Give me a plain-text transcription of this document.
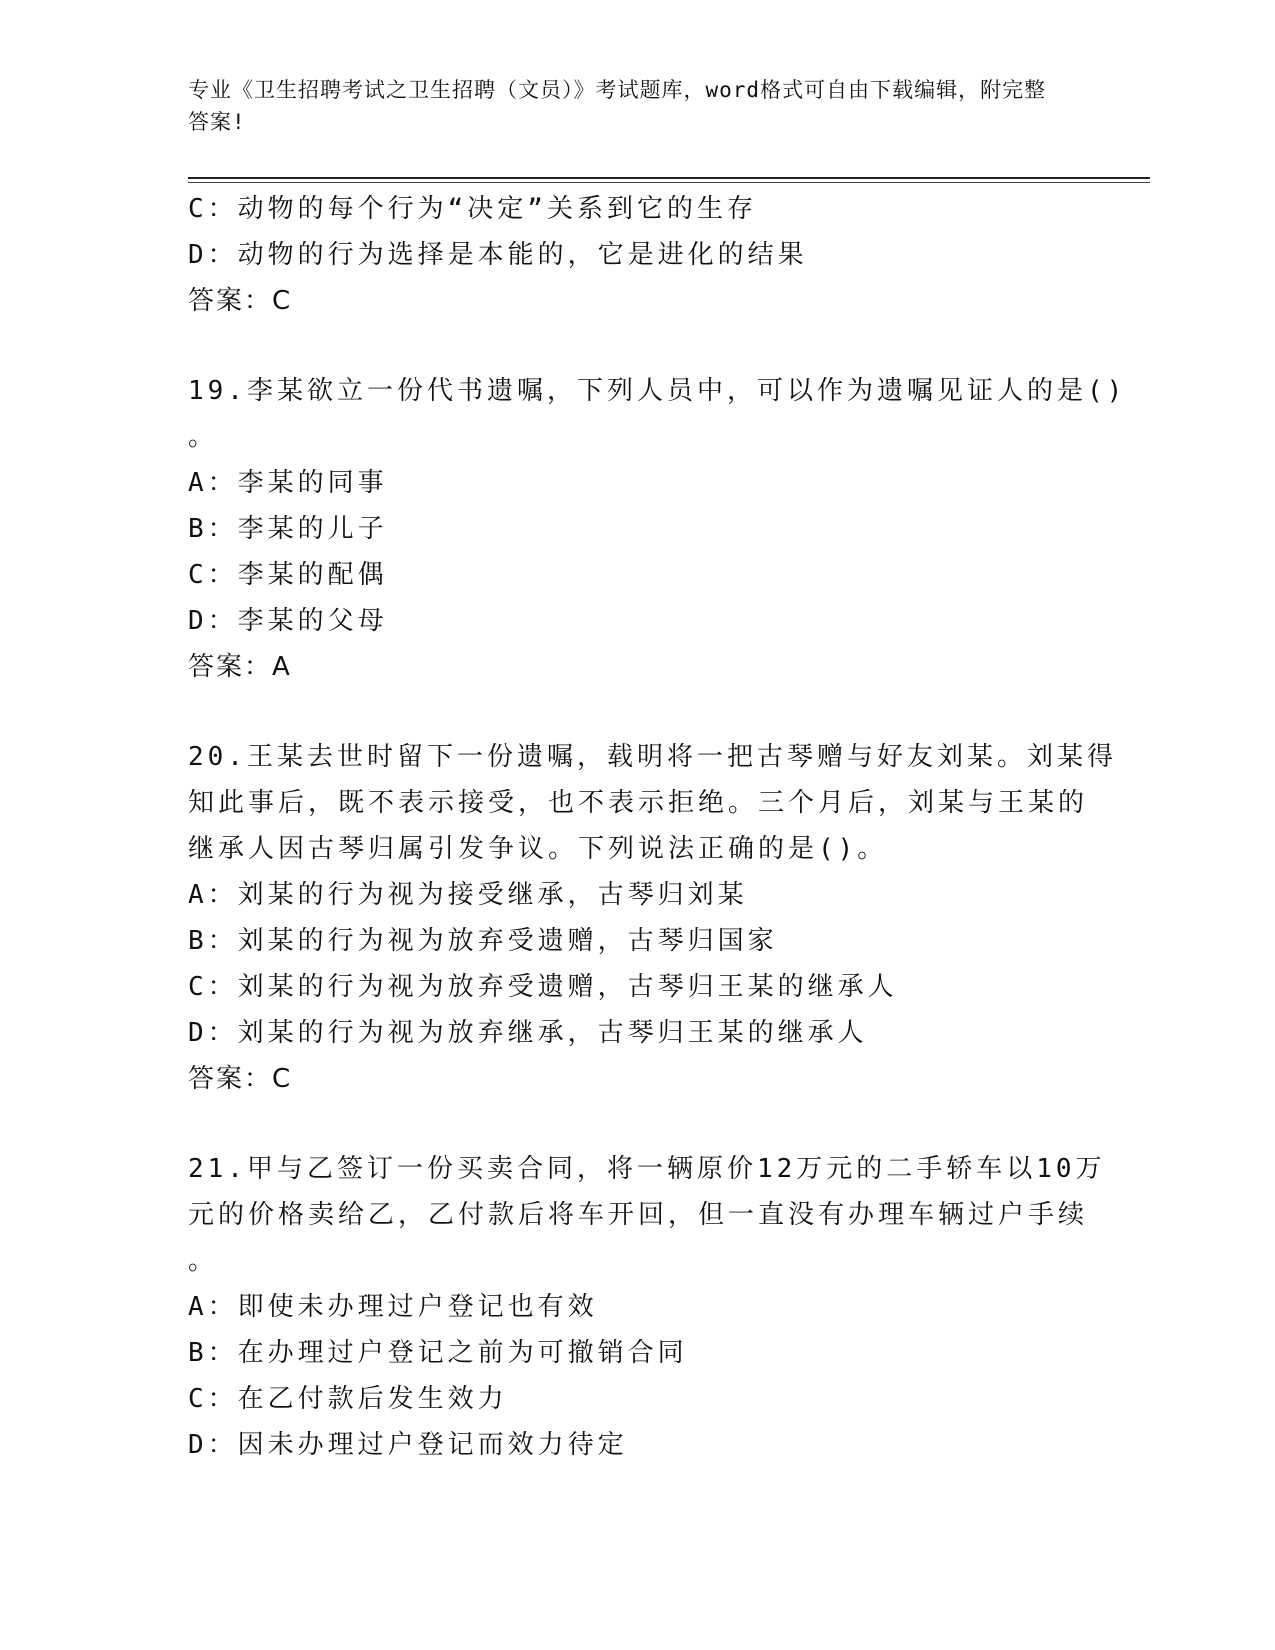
专业《卫生招聘考试之卫生招聘（文员）》考试题库，word格式可自由下载编辑，附完整答案!
C：动物的每个行为“决定”关系到它的生存
D：动物的行为选择是本能的，它是进化的结果
答案：C
19.李某欲立一份代书遗嘱，下列人员中，可以作为遗嘱见证人的是()
。
A：李某的同事
B：李某的儿子
C：李某的配偶
D：李某的父母
答案：A
20.王某去世时留下一份遗嘱，载明将一把古琴赠与好友刘某。刘某得
知此事后，既不表示接受，也不表示拒绝。三个月后，刘某与王某的
继承人因古琴归属引发争议。下列说法正确的是()。
A：刘某的行为视为接受继承，古琴归刘某
B：刘某的行为视为放弃受遗赠，古琴归国家
C：刘某的行为视为放弃受遗赠，古琴归王某的继承人
D：刘某的行为视为放弃继承，古琴归王某的继承人
答案：C
21.甲与乙签订一份买卖合同，将一辆原价12万元的二手轿车以10万
元的价格卖给乙，乙付款后将车开回，但一直没有办理车辆过户手续
。
A：即使未办理过户登记也有效
B：在办理过户登记之前为可撤销合同
C：在乙付款后发生效力
D：因未办理过户登记而效力待定
